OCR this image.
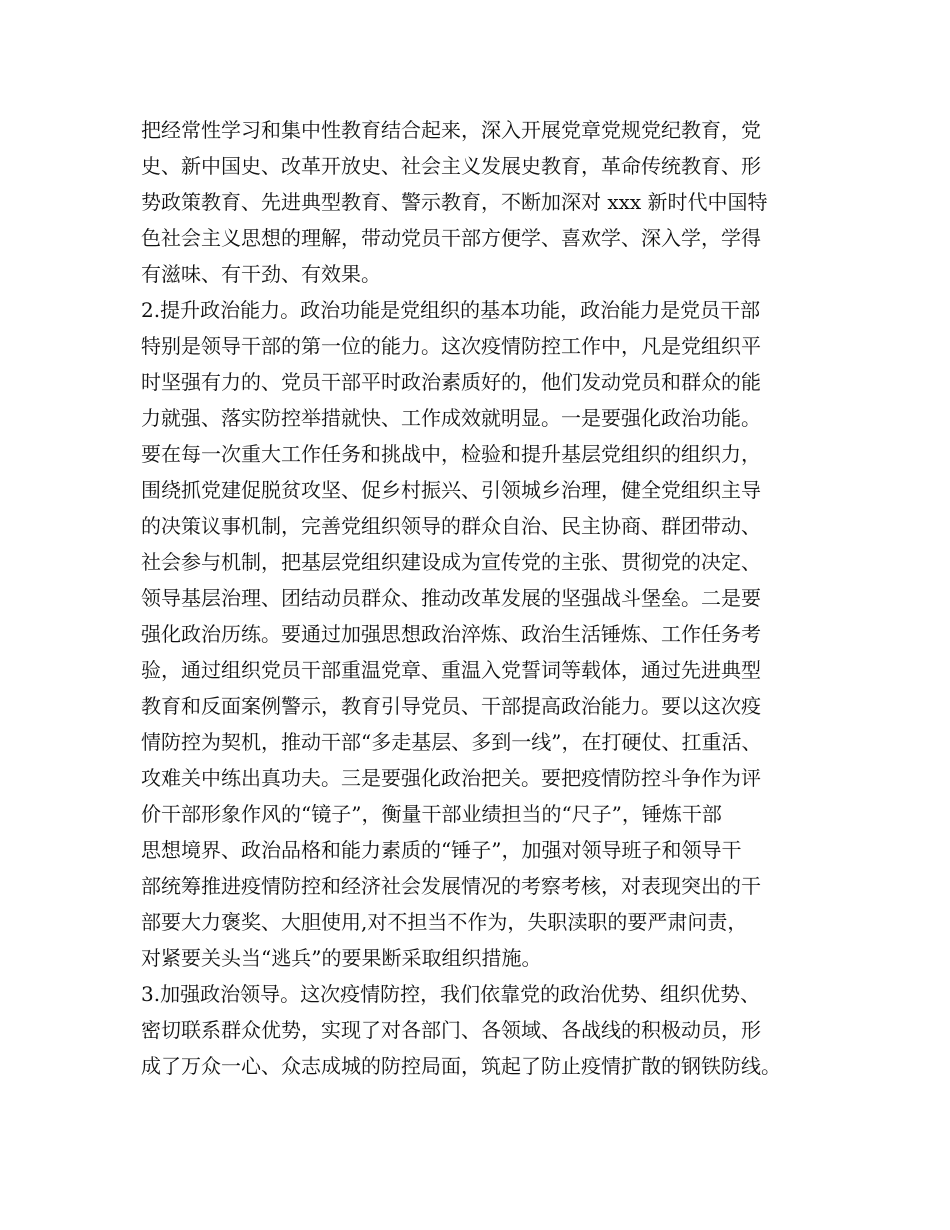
把经常性学习和集中性教育结合起来，深入开展党章党规党纪教育，党
史、新中国史、改革开放史、社会主义发展史教育，革命传统教育、形
势政策教育、先进典型教育、警示教育，不断加深对 xxx 新时代中国特
色社会主义思想的理解，带动党员干部方便学、喜欢学、深入学，学得
有滋味、有干劲、有效果。
2.提升政治能力。政治功能是党组织的基本功能，政治能力是党员干部
特别是领导干部的第一位的能力。这次疫情防控工作中，凡是党组织平
时坚强有力的、党员干部平时政治素质好的，他们发动党员和群众的能
力就强、落实防控举措就快、工作成效就明显。一是要强化政治功能。
要在每一次重大工作任务和挑战中，检验和提升基层党组织的组织力，
围绕抓党建促脱贫攻坚、促乡村振兴、引领城乡治理，健全党组织主导
的决策议事机制，完善党组织领导的群众自治、民主协商、群团带动、
社会参与机制，把基层党组织建设成为宣传党的主张、贯彻党的决定、
领导基层治理、团结动员群众、推动改革发展的坚强战斗堡垒。二是要
强化政治历练。要通过加强思想政治淬炼、政治生活锤炼、工作任务考
验，通过组织党员干部重温党章、重温入党誓词等载体，通过先进典型
教育和反面案例警示，教育引导党员、干部提高政治能力。要以这次疫
情防控为契机，推动干部“多走基层、多到一线”，在打硬仗、扛重活、
攻难关中练出真功夫。三是要强化政治把关。要把疫情防控斗争作为评
价干部形象作风的“镜子”，衡量干部业绩担当的“尺子”，锤炼干部
思想境界、政治品格和能力素质的“锤子”，加强对领导班子和领导干
部统筹推进疫情防控和经济社会发展情况的考察考核，对表现突出的干
部要大力褒奖、大胆使用,对不担当不作为，失职渎职的要严肃问责，
对紧要关头当“逃兵”的要果断采取组织措施。
3.加强政治领导。这次疫情防控，我们依靠党的政治优势、组织优势、
密切联系群众优势，实现了对各部门、各领域、各战线的积极动员，形
成了万众一心、众志成城的防控局面，筑起了防止疫情扩散的钢铁防线。
